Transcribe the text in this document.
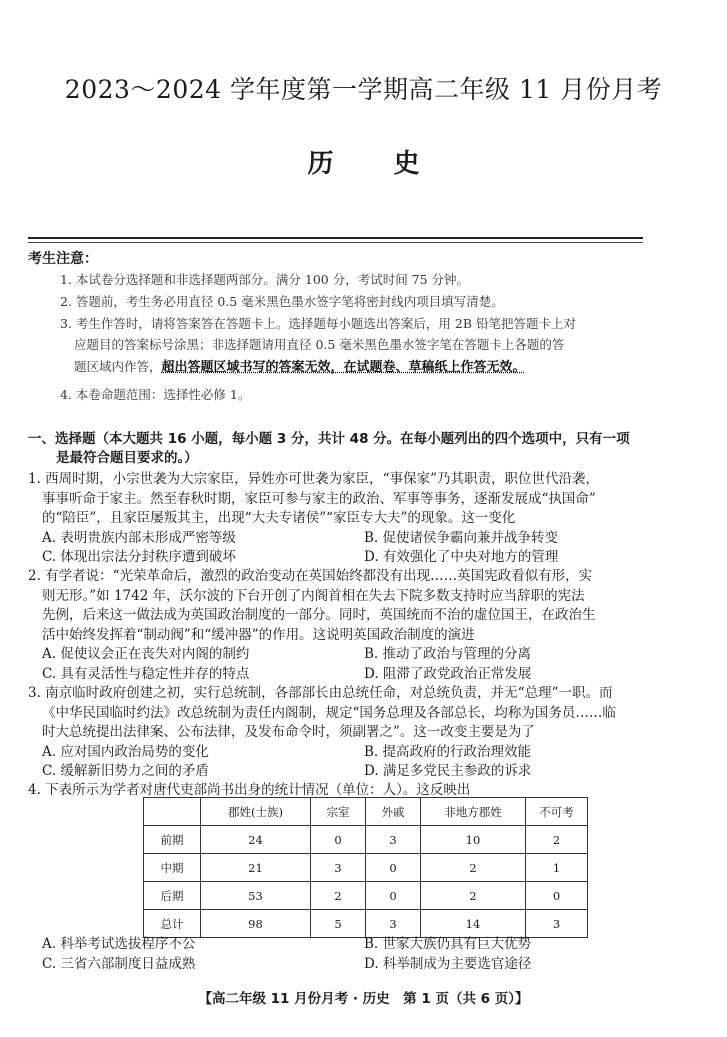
2023～2024 学年度第一学期高二年级 11 月份月考
历史
考生注意：
1. 本试卷分选择题和非选择题两部分。满分 100 分，考试时间 75 分钟。
2. 答题前，考生务必用直径 0.5 毫米黑色墨水签字笔将密封线内项目填写清楚。
3. 考生作答时，请将答案答在答题卡上。选择题每小题选出答案后，用 2B 铅笔把答题卡上对
应题目的答案标号涂黑；非选择题请用直径 0.5 毫米黑色墨水签字笔在答题卡上各题的答
题区域内作答，超出答题区域书写的答案无效，在试题卷、草稿纸上作答无效。
4. 本卷命题范围：选择性必修 1。
一、选择题（本大题共 16 小题，每小题 3 分，共计 48 分。在每小题列出的四个选项中，只有一项
是最符合题目要求的。）
1. 西周时期，小宗世袭为大宗家臣，异姓亦可世袭为家臣，“事保家”乃其职责，职位世代沿袭，
事事听命于家主。然至春秋时期，家臣可参与家主的政治、军事等事务，逐渐发展成“执国命”
的“陪臣”，且家臣屡叛其主，出现“大夫专诸侯”“家臣专大夫”的现象。这一变化
A. 表明贵族内部未形成严密等级	B. 促使诸侯争霸向兼并战争转变
C. 体现出宗法分封秩序遭到破坏	D. 有效强化了中央对地方的管理
2. 有学者说：“光荣革命后，激烈的政治变动在英国始终都没有出现……英国宪政看似有形，实
则无形。”如 1742 年，沃尔波的下台开创了内阁首相在失去下院多数支持时应当辞职的宪法
先例，后来这一做法成为英国政治制度的一部分。同时，英国统而不治的虚位国王，在政治生
活中始终发挥着“制动阀”和“缓冲器”的作用。这说明英国政治制度的演进
A. 促使议会正在丧失对内阁的制约	B. 推动了政治与管理的分离
C. 具有灵活性与稳定性并存的特点	D. 阻滞了政党政治正常发展
3. 南京临时政府创建之初，实行总统制，各部部长由总统任命，对总统负责，并无“总理”一职。而
《中华民国临时约法》改总统制为责任内阁制，规定“国务总理及各部总长，均称为国务员……临
时大总统提出法律案、公布法律，及发布命令时，须副署之”。这一改变主要是为了
A. 应对国内政治局势的变化	B. 提高政府的行政治理效能
C. 缓解新旧势力之间的矛盾	D. 满足多党民主参政的诉求
4. 下表所示为学者对唐代吏部尚书出身的统计情况（单位：人）。这反映出
	郡姓(士族)	宗室	外戚	非地方郡姓	不可考
前期	24	0	3	10	2
中期	21	3	0	2	1
后期	53	2	0	2	0
总计	98	5	3	14	3
A. 科举考试选拔程序不公	B. 世家大族仍具有巨大优势
C. 三省六部制度日益成熟	D. 科举制成为主要选官途径
【高二年级 11 月份月考 · 历史　第 1 页（共 6 页）】
